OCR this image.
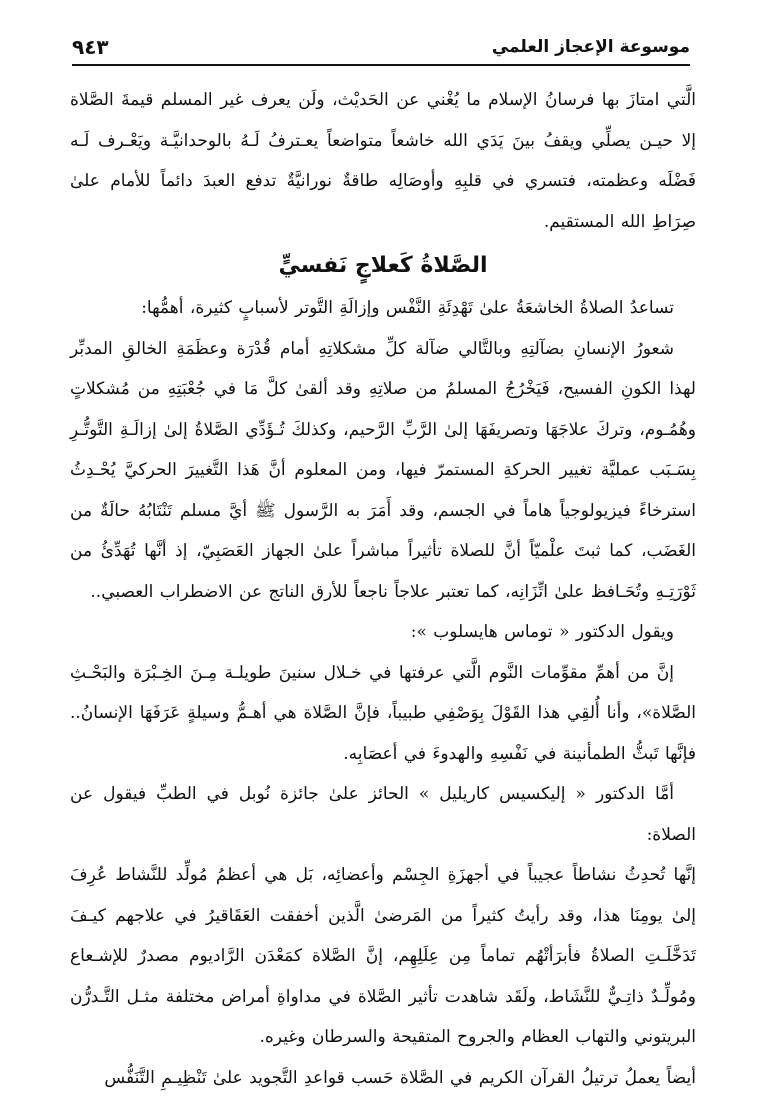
موسوعة الإعجاز العلمي
٩٤٣

الَّتي امتازَ بها فرسانُ الإسلام ما يُغْني عن الحَديْث، ولَن يعرف غير المسلم قيمةَ الصَّلاة إلا حيـن يصلِّي ويقفُ بينَ يَدَي الله خاشعاً متواضعاً يعـترفُ لَـهُ بالوحدانيَّـة ويَعْـرف لَـه فَضْلَه وعظمته، فتسري في قلبِهِ وأوصَالِه طاقةٌ نورانيَّةٌ تدفع العبدَ دائماً للأمام علىٰ صِرَاطِ الله المستقيم.

الصَّلاةُ كَعلاجٍ نَفسيٍّ

تساعدُ الصلاةُ الخاشعَةُ علىٰ تَهْدِئَةِ النَّفْس وإزالَةِ التَّوتر لأسبابٍ كثيرة، أهمُّها:

شعورُ الإنسانِ بضآلتِهِ وبالتَّالي ضآلة كلِّ مشكلاتِهِ أمام قُدْرَة وعظَمَةِ الخالقِ المدبِّر لهذا الكونِ الفسيح، فَيَخْرُجُ المسلمُ من صلاتِهِ وقد ألقىٰ كلَّ مَا في جُعْبَتِهِ من مُشكلاتٍ وهُمُـوم، وتركَ علاجَهَا وتصريفَهَا إلىٰ الرَّبِّ الرَّحيم، وكذلكَ تُـؤَدِّي الصَّلاةُ إلىٰ إزالَـةِ التَّوتُّـرِ بِسَـبَب عمليَّة تغيير الحركةِ المستمرّ فيها، ومن المعلوم أنَّ هَذا التَّغييرَ الحركيَّ يُحْـدِثُ استرخاءً فيزيولوجياً هاماً في الجسم، وقد أَمَرَ به الرَّسول ﷺ أيَّ مسلم تَنْتَابُهُ حالَةٌ من الغَضَب، كما ثبتَ علْميّاً أنَّ للصلاة تأثيراً مباشراً علىٰ الجهاز العَصَبِيّ، إذ أنَّها تُهَدِّئُ من ثَوْرَتِـهِ وتُحَـافظ علىٰ اتِّزَانِه، كما تعتبر علاجاً ناجعاً للأرق الناتج عن الاضطراب العصبي..

ويقول الدكتور « توماس هايسلوب »:

إنَّ من أهمِّ مقوِّمات النَّوم الَّتي عرفتها في خـلال سنينَ طويلـة مِـنَ الخِـبْرَة والبَحْـثِ الصَّلاة»، وأنا أُلقِي هذا القَوْلَ بِوَصْفِي طبيباً، فإنَّ الصَّلاة هي أهـمُّ وسيلةٍ عَرَفَهَا الإنسانُ.. فإنَّها تَبثُّ الطمأنينة في نَفْسِهِ والهدوءَ في أعصَابِه.

أمَّا الدكتور « إليكسيس كاريليل » الحائز علىٰ جائزة نُوبل في الطبِّ فيقول عن الصلاة:

إنَّها تُحدِثُ نشاطاً عجيباً في أجهزَةِ الجِسْم وأعضائِه، بَل هي أعظمُ مُولِّد للنَّشاط عُرِفَ إلىٰ يومِنَا هذا، وقد رأيتُ كثيراً من المَرضىٰ الَّذين أخفقت العَقَاقيرُ في علاجهم كيـفَ تَدَخَّلَـتِ الصلاةُ فأبرَأتْهُم تماماً مِن عِلَلِهِم، إنَّ الصَّلاة كمَعْدَن الرَّاديوم مصدرٌ للإشـعاع ومُولِّـدٌ ذاتِـيٌّ للنَّشَاط، ولَقَد شاهدت تأثير الصَّلاة في مداواةِ أمراض مختلفة مثـل التَّـدرُّن البريتوني والتهاب العظام والجروح المتقيحة والسرطان وغيره.

أيضاً يعملُ ترتيلُ القرآن الكريم في الصَّلاة حَسب قواعدِ التَّجويد علىٰ تَنْظِيـمِ التَّنَفُّس
